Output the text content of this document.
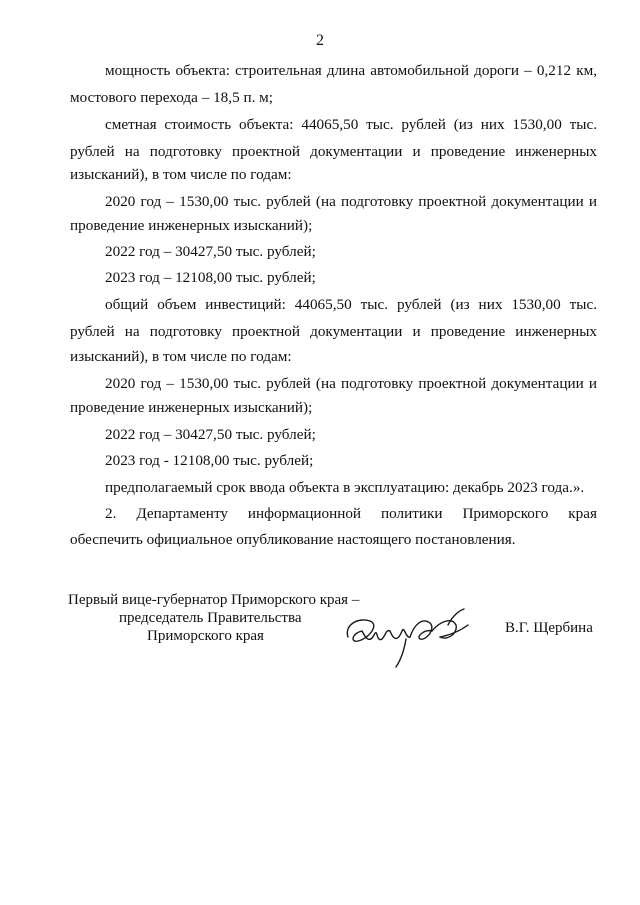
2
мощность объекта: строительная длина автомобильной дороги – 0,212 км,
мостового перехода – 18,5 п. м;
сметная стоимость объекта: 44065,50 тыс. рублей (из них 1530,00 тыс.
рублей на подготовку проектной документации и проведение инженерных
изысканий), в том числе по годам:
2020 год – 1530,00 тыс. рублей (на подготовку проектной документации и
проведение инженерных изысканий);
2022 год – 30427,50 тыс. рублей;
2023 год – 12108,00 тыс. рублей;
общий объем инвестиций: 44065,50 тыс. рублей (из них 1530,00 тыс.
рублей на подготовку проектной документации и проведение инженерных
изысканий), в том числе по годам:
2020 год – 1530,00 тыс. рублей (на подготовку проектной документации и
проведение инженерных изысканий);
2022 год – 30427,50 тыс. рублей;
2023 год - 12108,00 тыс. рублей;
предполагаемый срок ввода объекта в эксплуатацию: декабрь 2023 года.».
2. Департаменту информационной политики Приморского края
обеспечить официальное опубликование настоящего постановления.
Первый вице-губернатор Приморского края –
председатель Правительства
Приморского края	В.Г. Щербина
